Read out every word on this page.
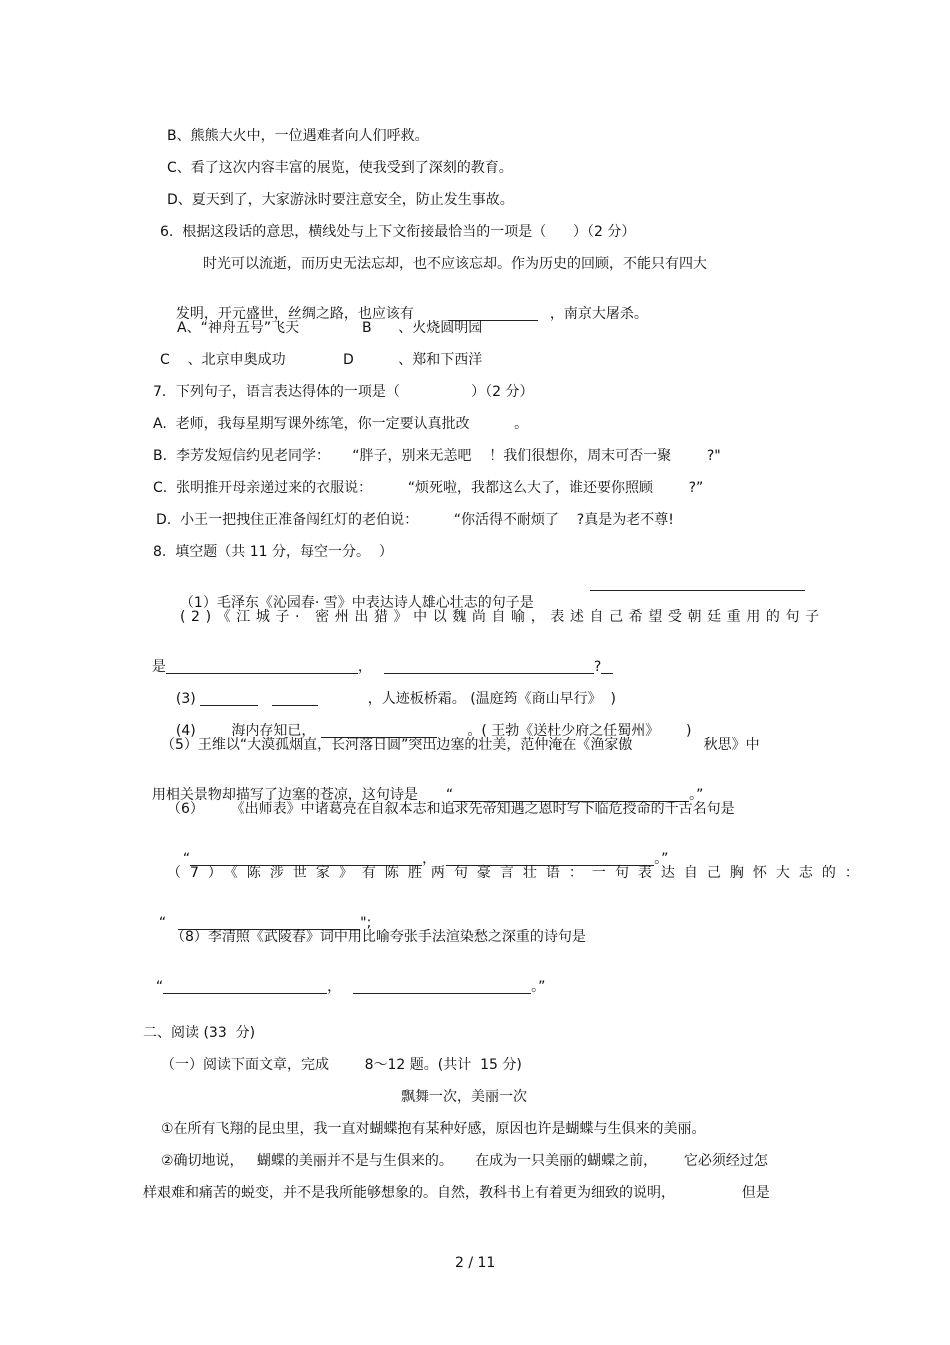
B、熊熊大火中，一位遇难者向人们呼救。
C、看了这次内容丰富的展览，使我受到了深刻的教育。
D、夏天到了，大家游泳时要注意安全，防止发生事故。
6.  根据这段话的意思，横线处与上下文衔接最恰当的一项是（      ）（2 分）
时光可以流逝，而历史无法忘却，也不应该忘却。作为历史的回顾，不能只有四大

发明，开元盛世，丝绸之路，也应该有	，南京大屠杀。

A、“神舟五号”飞天	B      、火烧圆明园
C    、北京申奥成功	D          、郑和下西洋
7．下列句子，语言表达得体的一项是（                ）（2 分）
A.  老师，我每星期写课外练笔，你一定要认真批改          。
B.  李芳发短信约见老同学：     “胖子，别来无恙吧    ！我们很想你，周末可否一聚        ?"
C.  张明推开母亲递过来的衣服说：        “烦死啦，我都这么大了，谁还要你照顾        ?”
D.  小王一把拽住正准备闯红灯的老伯说：        “你活得不耐烦了    ?真是为老不尊!
8.  填空题（共 11 分，每空一分。  ）

（1）毛泽东《沁园春· 雪》中表达诗人雄心壮志的句子是

(2)《江城子· 密州出猎》中以魏尚自喻，表述自己希望受朝廷重用的句子

是	，	?

(3)	，人迹板桥霜。 (温庭筠《商山早行》  )

(4)        海内存知已，	。( 王勃《送杜少府之任蜀州》      )

（5）王维以“大漠孤烟直，长河落日圆”突出边塞的壮美，范仲淹在《渔家傲                秋思》中

用相关景物却描写了边塞的苍凉，这句诗是 “	。”

（6）      《出师表》中诸葛亮在自叙本志和追求先帝知遇之恩时写下临危授命的千古名句是

“	，	。”

（7）《陈涉世家》有陈胜两句豪言壮语：一句表达自己胸怀大志的：

“	";

（8）李清照《武陵春》词中用比喻夸张手法渲染愁之深重的诗句是

“	，	。”

二、阅读 (33  分)
（一）阅读下面文章，完成        8～12 题。(共计  15 分)
飘舞一次，美丽一次
①在所有飞翔的昆虫里，我一直对蝴蝶抱有某种好感，原因也许是蝴蝶与生俱来的美丽。
②确切地说，   蝴蝶的美丽并不是与生俱来的。     在成为一只美丽的蝴蝶之前，      它必须经过怎
样艰难和痛苦的蜕变，并不是我所能够想象的。自然，教科书上有着更为细致的说明，               但是
2 / 11
